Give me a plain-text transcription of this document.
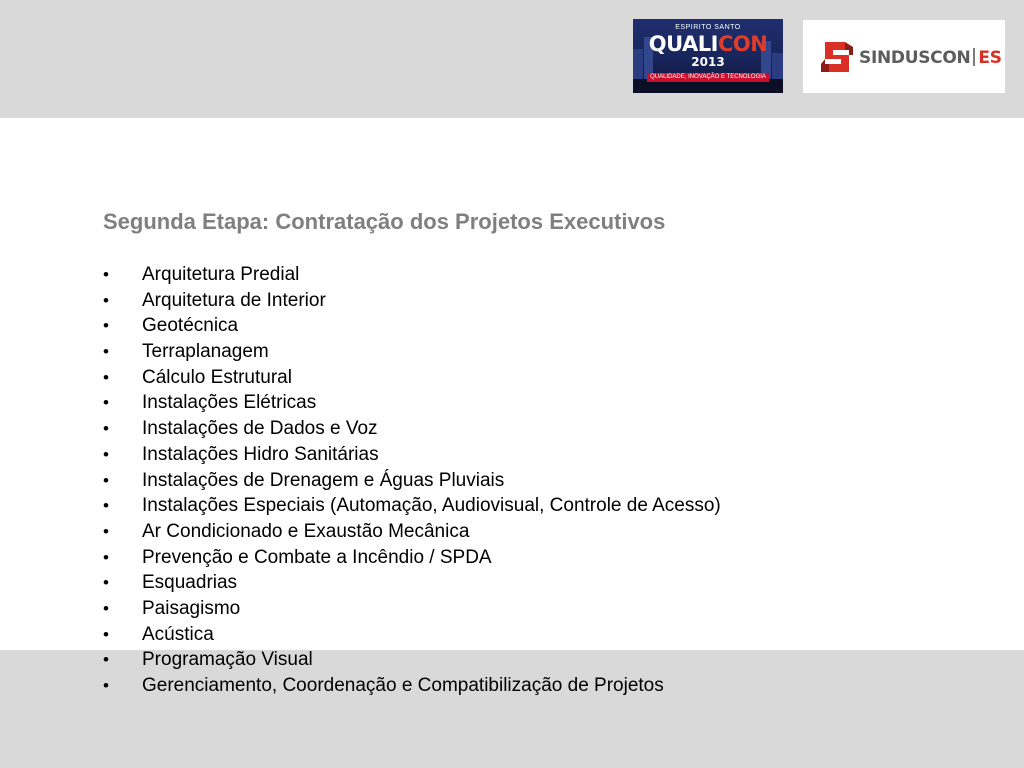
ESPIRITO SANTO
QUALICON
2013
QUALIDADE, INOVAÇÃO E TECNOLOGIA
SINDUSCON ES
Segunda Etapa: Contratação dos Projetos Executivos
•	Arquitetura Predial
•	Arquitetura de Interior
•	Geotécnica
•	Terraplanagem
•	Cálculo Estrutural
•	Instalações Elétricas
•	Instalações de Dados e Voz
•	Instalações Hidro Sanitárias
•	Instalações de Drenagem e Águas Pluviais
•	Instalações Especiais (Automação, Audiovisual, Controle de Acesso)
•	Ar Condicionado e Exaustão Mecânica
•	Prevenção e Combate a Incêndio / SPDA
•	Esquadrias
•	Paisagismo
•	Acústica
•	Programação Visual
•	Gerenciamento, Coordenação e Compatibilização de Projetos
